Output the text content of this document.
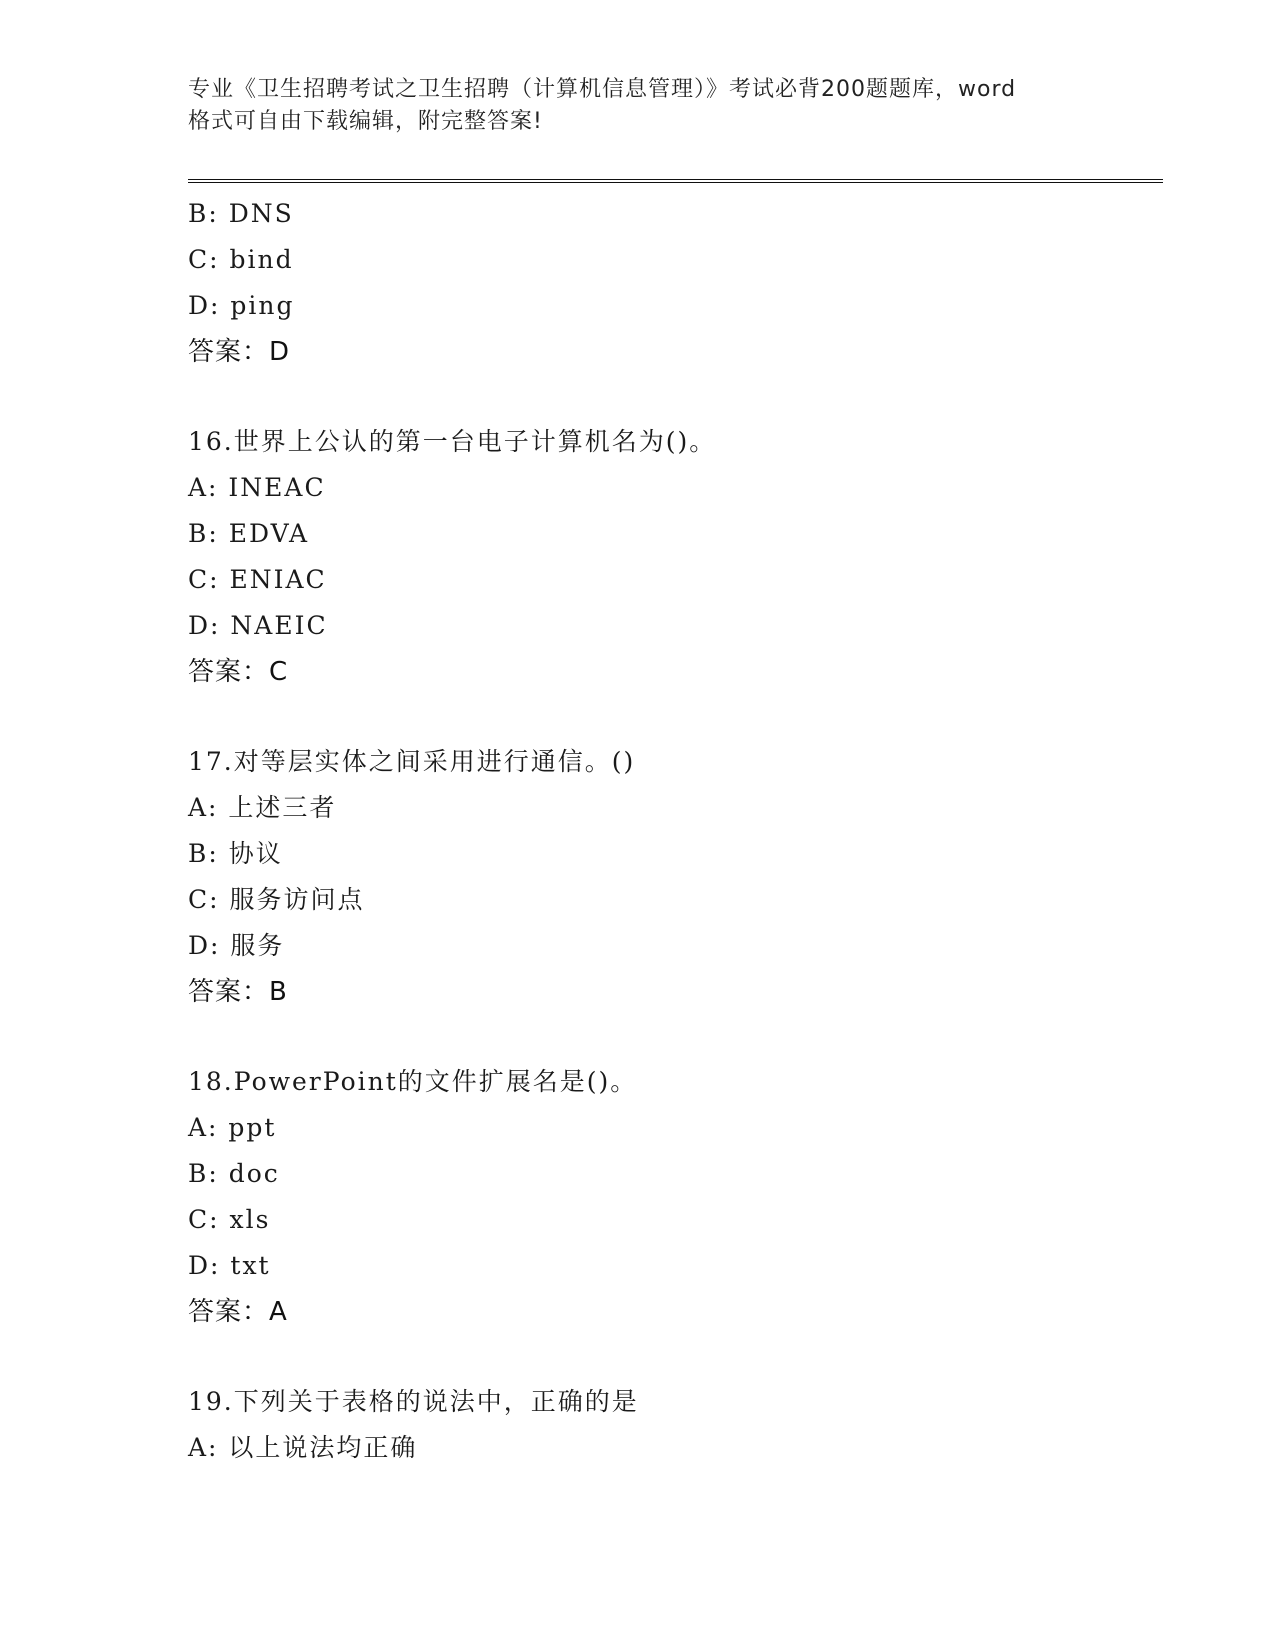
专业《卫生招聘考试之卫生招聘（计算机信息管理）》考试必背200题题库，word
格式可自由下载编辑，附完整答案!
B: DNS
C: bind
D: ping
答案：D
16.世界上公认的第一台电子计算机名为()。
A: INEAC
B: EDVA
C: ENIAC
D: NAEIC
答案：C
17.对等层实体之间采用进行通信。()
A: 上述三者
B: 协议
C: 服务访问点
D: 服务
答案：B
18.PowerPoint的文件扩展名是()。
A: ppt
B: doc
C: xls
D: txt
答案：A
19.下列关于表格的说法中，正确的是
A: 以上说法均正确
